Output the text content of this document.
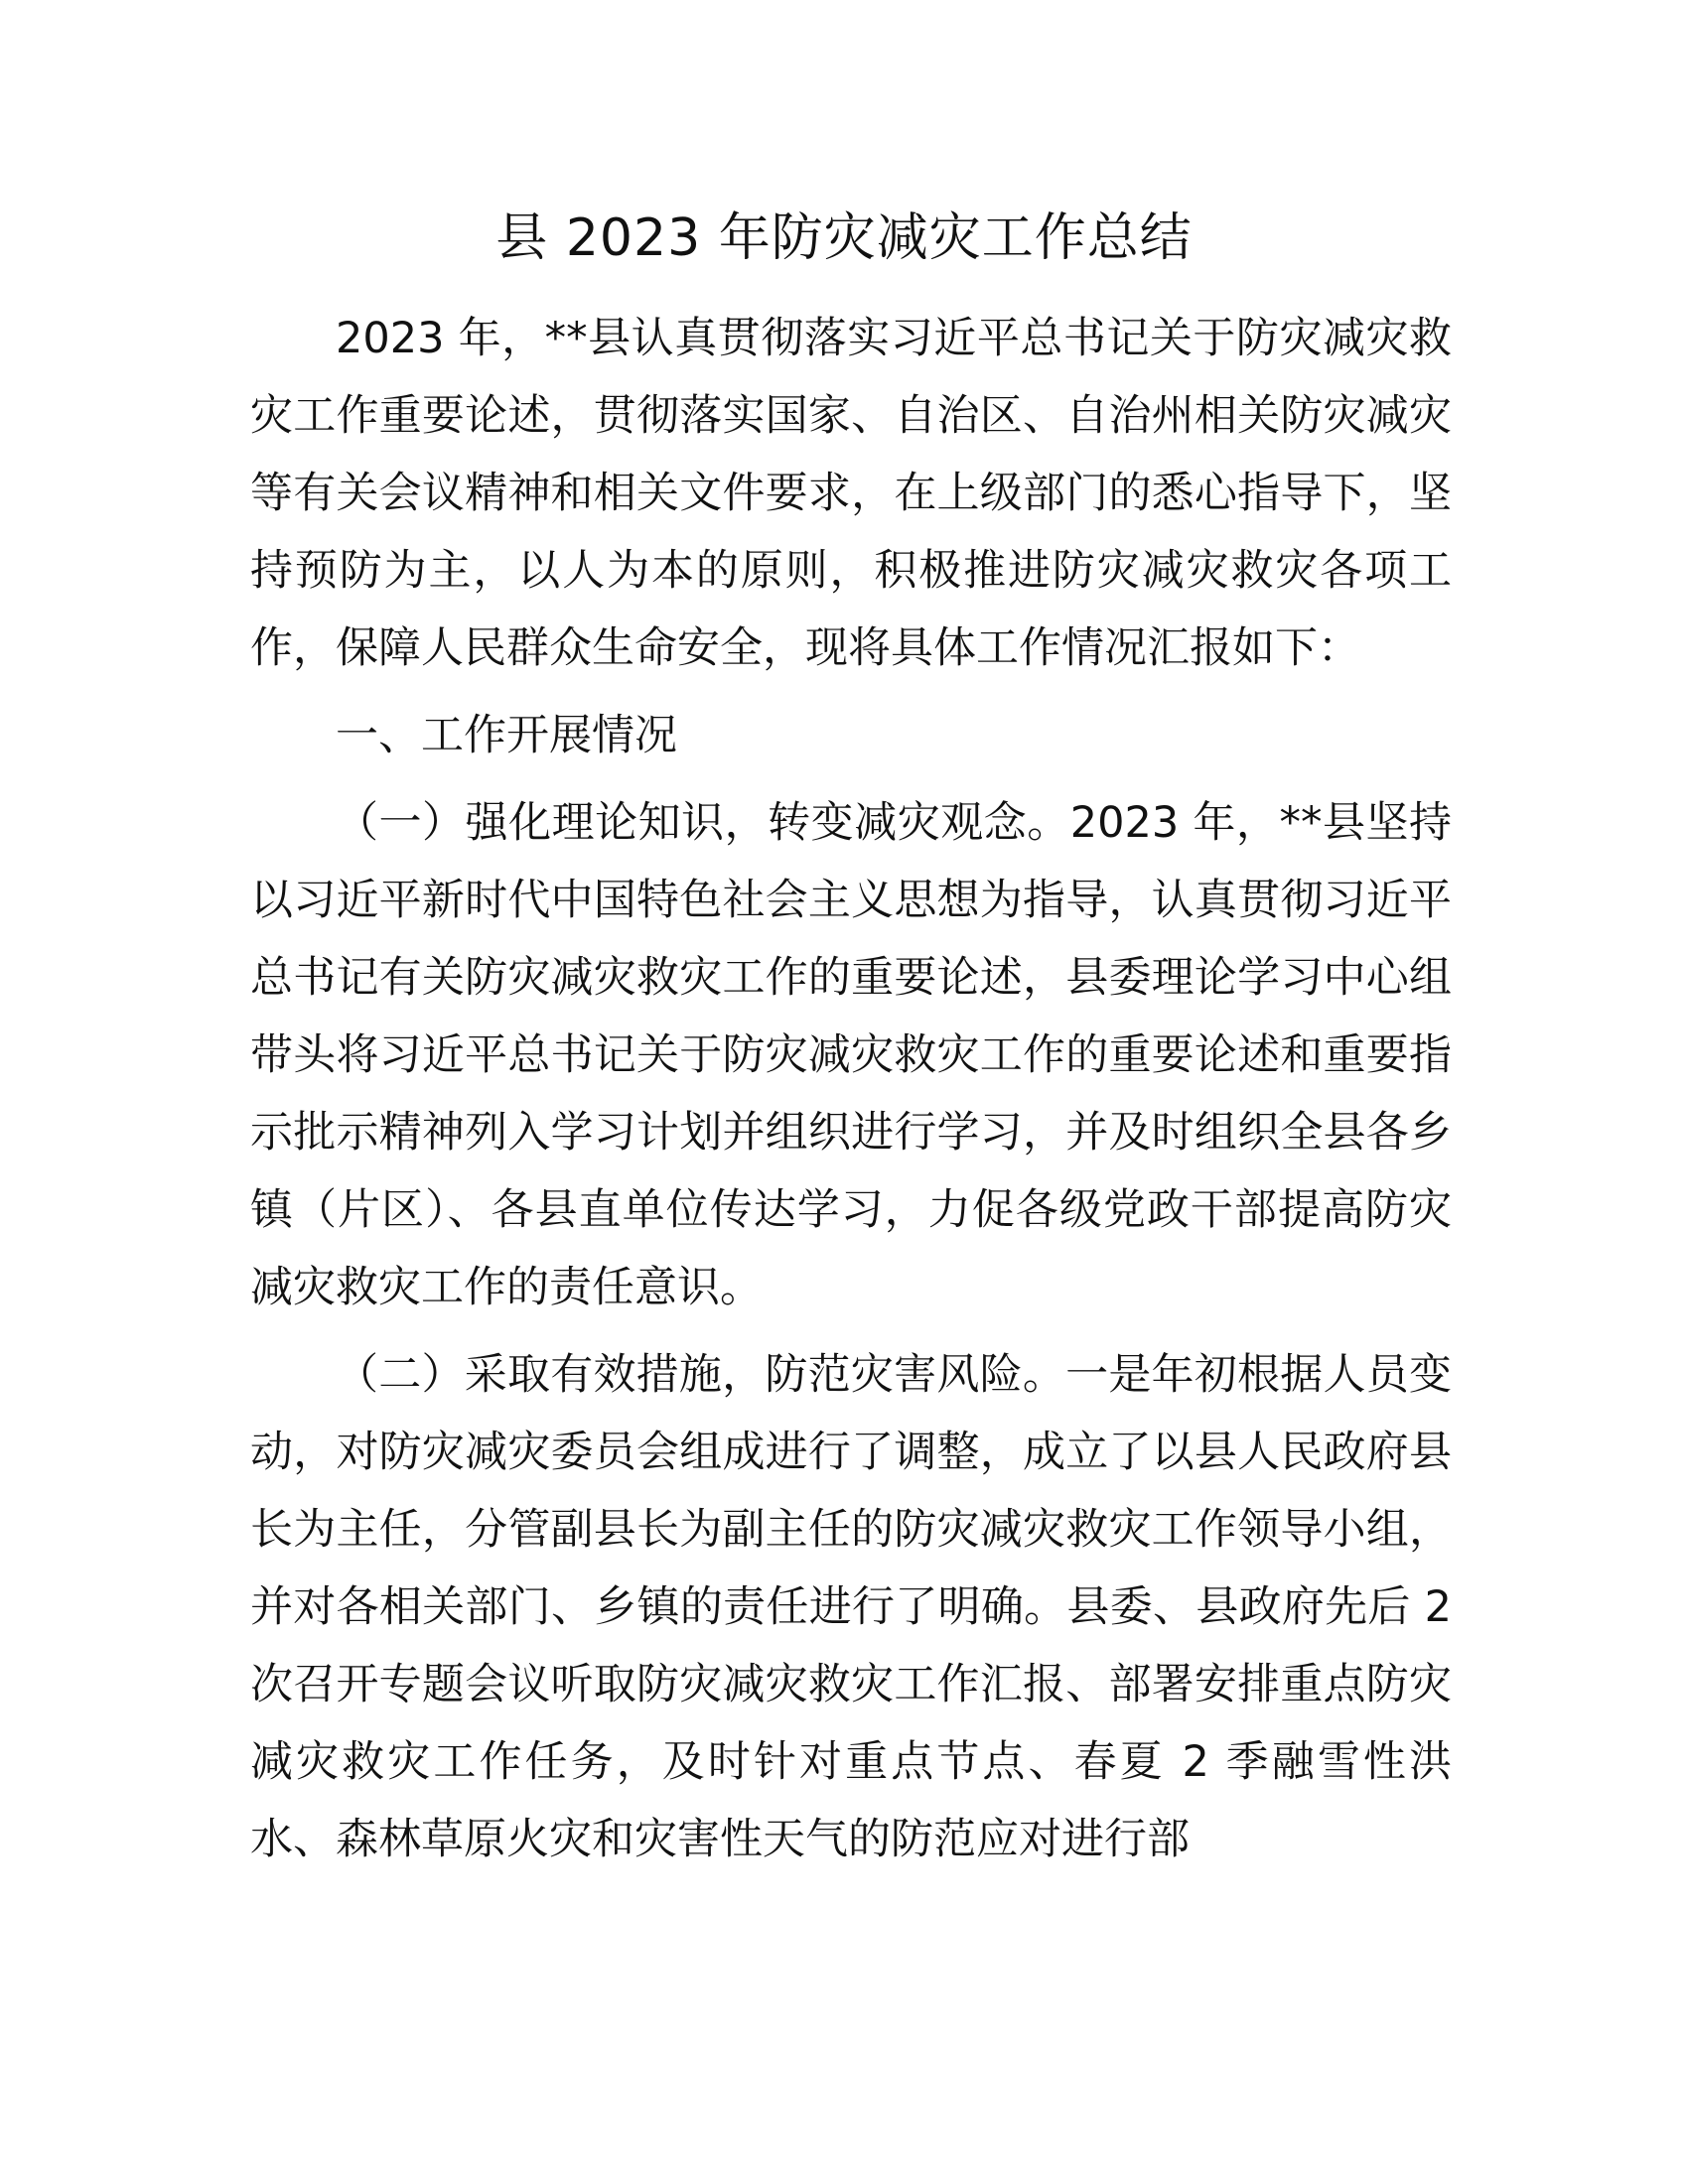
县 2023 年防灾减灾工作总结

2023 年，**县认真贯彻落实习近平总书记关于防灾减灾救灾工作重要论述，贯彻落实国家、自治区、自治州相关防灾减灾等有关会议精神和相关文件要求，在上级部门的悉心指导下，坚持预防为主，以人为本的原则，积极推进防灾减灾救灾各项工作，保障人民群众生命安全，现将具体工作情况汇报如下：

一、工作开展情况

（一）强化理论知识，转变减灾观念。2023 年，**县坚持以习近平新时代中国特色社会主义思想为指导，认真贯彻习近平总书记有关防灾减灾救灾工作的重要论述，县委理论学习中心组带头将习近平总书记关于防灾减灾救灾工作的重要论述和重要指示批示精神列入学习计划并组织进行学习，并及时组织全县各乡镇（片区）、各县直单位传达学习，力促各级党政干部提高防灾减灾救灾工作的责任意识。

（二）采取有效措施，防范灾害风险。一是年初根据人员变动，对防灾减灾委员会组成进行了调整，成立了以县人民政府县长为主任，分管副县长为副主任的防灾减灾救灾工作领导小组，并对各相关部门、乡镇的责任进行了明确。县委、县政府先后 2 次召开专题会议听取防灾减灾救灾工作汇报、部署安排重点防灾减灾救灾工作任务，及时针对重点节点、春夏 2 季融雪性洪水、森林草原火灾和灾害性天气的防范应对进行部
